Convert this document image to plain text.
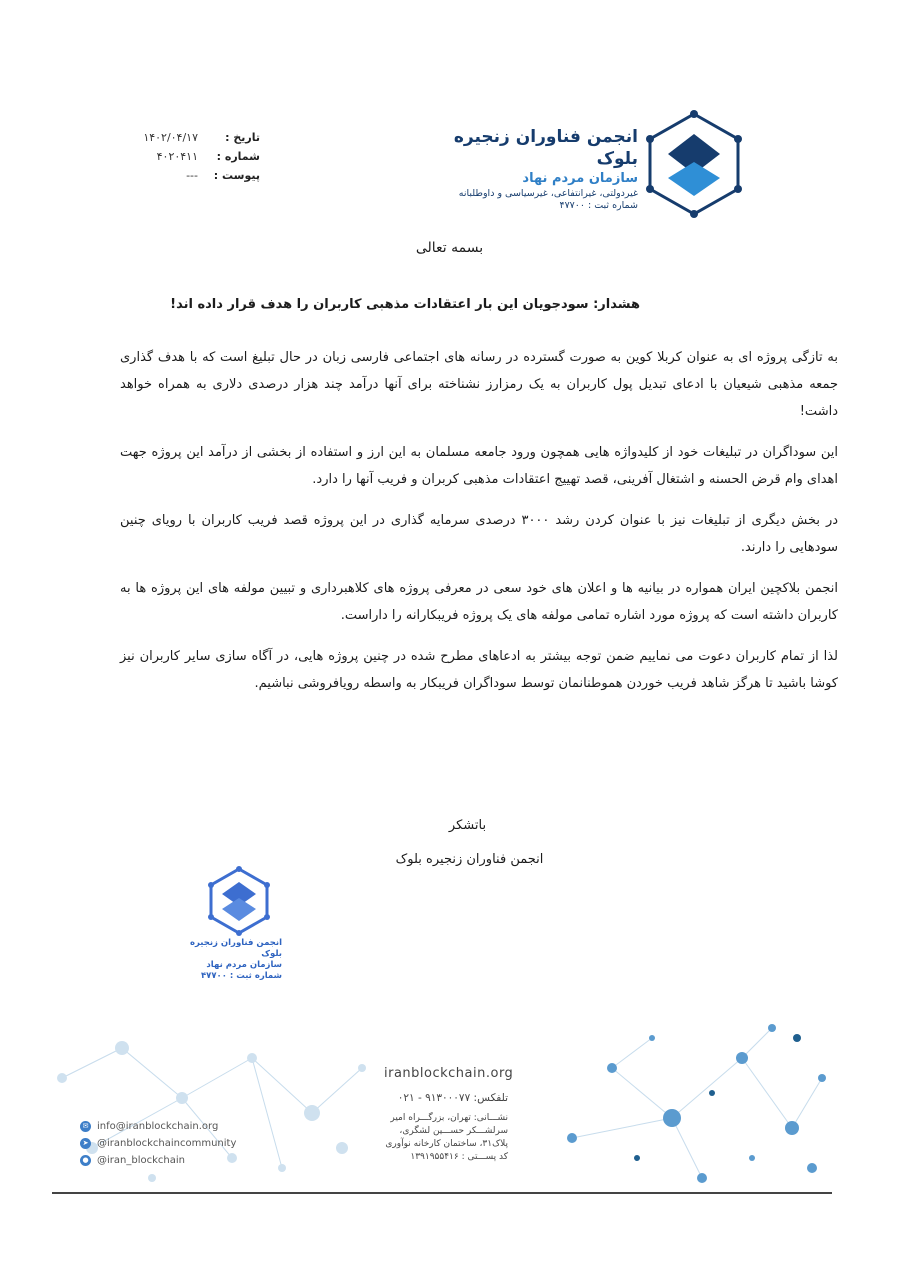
تاریخ :
۱۴۰۲/۰۴/۱۷
شماره :
۴۰۲۰۴۱۱
پیوست :
---
انجمن فناوران زنجیره بلوک
سازمان مردم نهاد
غیردولتی، غیرانتفاعی، غیرسیاسی و داوطلبانه
شماره ثبت : ۴۷۷۰۰
بسمه تعالی
هشدار: سودجویان این بار اعتقادات مذهبی کاربران را هدف قرار داده اند!

به تازگی پروژه ای به عنوان کربلا کوین به صورت گسترده در رسانه های اجتماعی فارسی زبان در حال تبلیغ است که با هدف گذاری جمعه مذهبی شیعیان با ادعای تبدیل پول کاربران به یک رمزارز نشناخته برای آنها درآمد چند هزار درصدی دلاری به همراه خواهد داشت!

این سوداگران در تبلیغات خود از کلیدواژه هایی همچون ورود جامعه مسلمان به این ارز و استفاده از بخشی از درآمد این پروژه جهت اهدای وام قرض الحسنه و اشتغال آفرینی، قصد تهییج اعتقادات مذهبی کربران و فریب آنها را دارد.

در بخش دیگری از تبلیغات نیز با عنوان کردن رشد ۳۰۰۰ درصدی سرمایه گذاری در این پروژه قصد فریب کاربران با رویای چنین سودهایی را دارند.

انجمن بلاکچین ایران همواره در بیانیه ها و اعلان های خود سعی در معرفی پروژه های کلاهبرداری و تبیین مولفه های این پروژه ها به کاربران داشته است که پروژه مورد اشاره تمامی مولفه های یک پروژه فریبکارانه را داراست.

لذا از تمام کاربران دعوت می نماییم ضمن توجه بیشتر به ادعاهای مطرح شده در چنین پروژه هایی، در آگاه سازی سایر کاربران نیز کوشا باشید تا هرگز شاهد فریب خوردن هموطنانمان توسط سوداگران فریبکار به واسطه رویافروشی نباشیم.

باتشکر
انجمن فناوران زنجیره بلوک
انجمن فناوران زنجیره بلوک
سازمان مردم نهاد
شماره ثبت : ۴۷۷۰۰
iranblockchain.org
تلفکس: ۹۱۳۰۰۰۷۷ - ۰۲۱
نشـــانی: تهران، بزرگـــراه امیر سرلشـــکر حســـین لشگری، پلاک۳۱، ساختمان کارخانه نوآوری
کد پســـتی : ۱۳۹۱۹۵۵۴۱۶
✉ info@iranblockchain.org
➤ @iranblockchaincommunity
● @iran_blockchain
